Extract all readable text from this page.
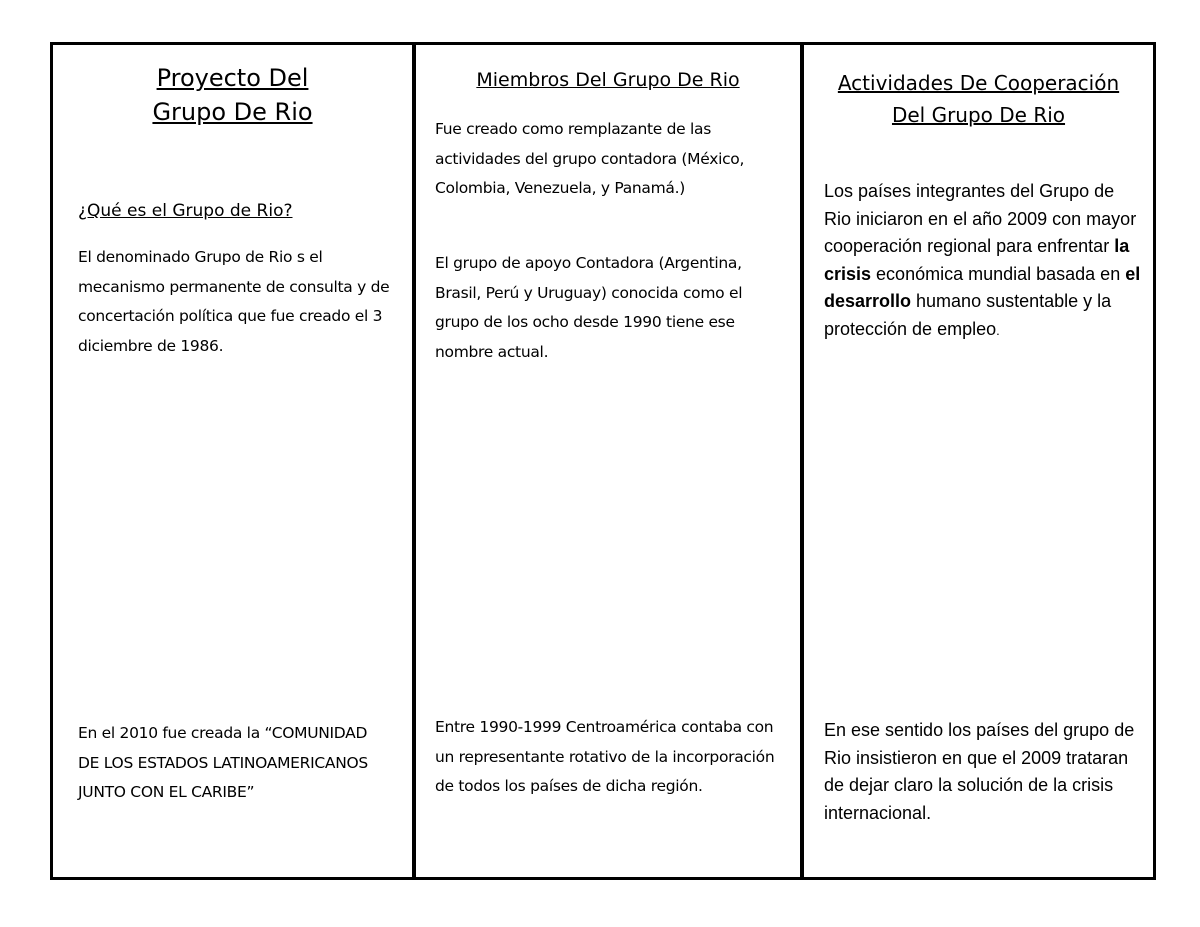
Proyecto Del
Grupo De Rio

¿Qué es el Grupo de Rio?

El denominado Grupo de Rio s el mecanismo permanente de consulta y de concertación política que fue creado el 3 diciembre de 1986.

En el 2010 fue creada la “COMUNIDAD DE LOS ESTADOS LATINOAMERICANOS JUNTO CON EL CARIBE”

Miembros Del Grupo De Rio

Fue creado como remplazante de las actividades del grupo contadora (México, Colombia, Venezuela, y Panamá.)

El grupo de apoyo Contadora (Argentina, Brasil, Perú y Uruguay) conocida como el grupo de los ocho desde 1990 tiene ese nombre actual.

Entre 1990-1999 Centroamérica contaba con un representante rotativo de la incorporación de todos los países de dicha región.

Actividades De Cooperación Del Grupo De Rio

Los países integrantes del Grupo de Rio iniciaron en el año 2009 con mayor cooperación regional para enfrentar la crisis económica mundial basada en el desarrollo humano sustentable y la protección de empleo.

En ese sentido los países del grupo de Rio insistieron en que el 2009 trataran de dejar claro la solución de la crisis internacional.
